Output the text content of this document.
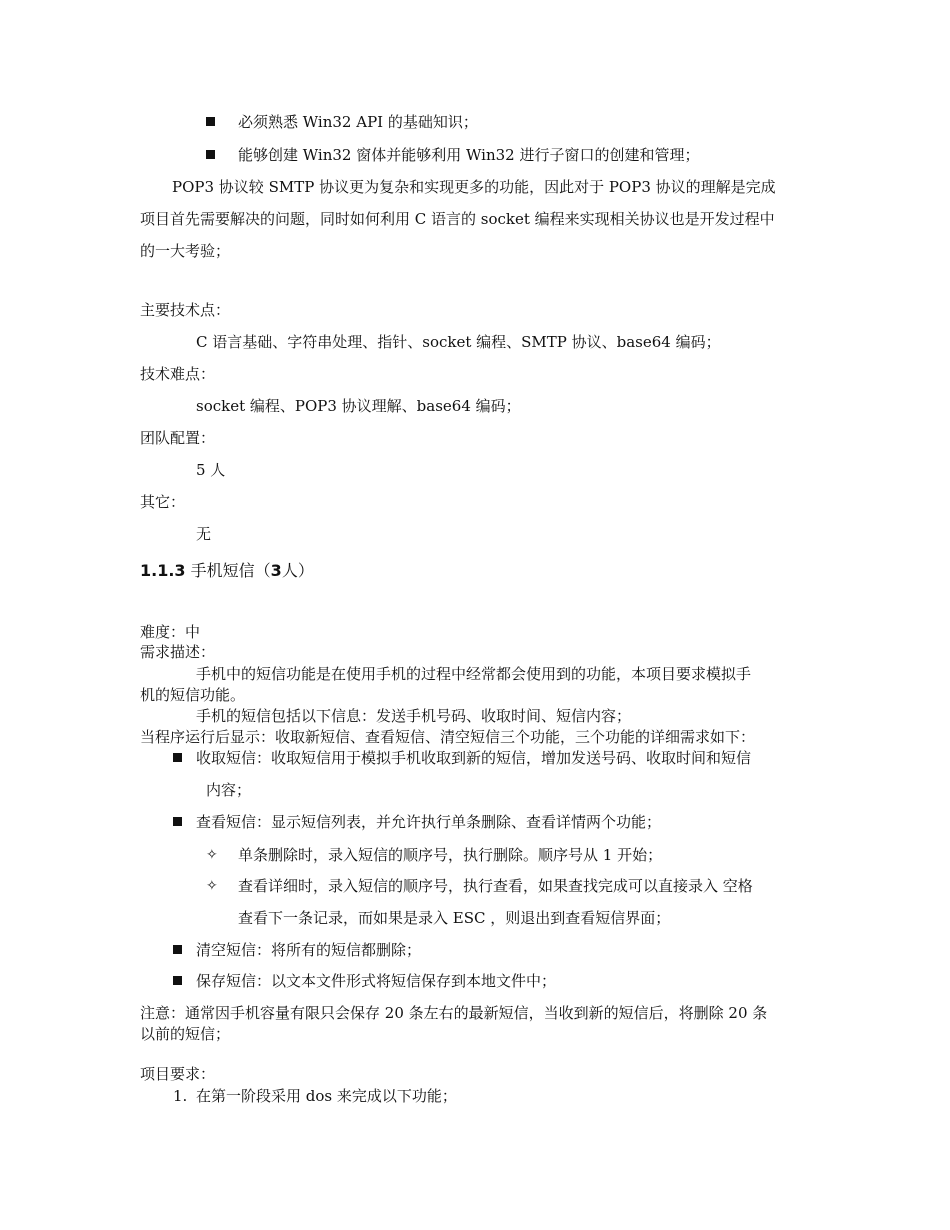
必须熟悉 Win32 API 的基础知识；
能够创建 Win32 窗体并能够利用 Win32 进行子窗口的创建和管理；
POP3 协议较 SMTP 协议更为复杂和实现更多的功能，因此对于 POP3 协议的理解是完成
项目首先需要解决的问题，同时如何利用 C 语言的 socket 编程来实现相关协议也是开发过程中
的一大考验；
主要技术点：
C 语言基础、字符串处理、指针、socket 编程、SMTP 协议、base64 编码；
技术难点：
socket 编程、POP3 协议理解、base64 编码；
团队配置：
5 人
其它：
无
1.1.3 手机短信（3人）
难度：中
需求描述：
手机中的短信功能是在使用手机的过程中经常都会使用到的功能，本项目要求模拟手
机的短信功能。
手机的短信包括以下信息：发送手机号码、收取时间、短信内容；
当程序运行后显示：收取新短信、查看短信、清空短信三个功能，三个功能的详细需求如下：
收取短信：收取短信用于模拟手机收取到新的短信，增加发送号码、收取时间和短信
内容；
查看短信：显示短信列表，并允许执行单条删除、查看详情两个功能；
✧ 单条删除时，录入短信的顺序号，执行删除。顺序号从 1 开始；
✧ 查看详细时，录入短信的顺序号，执行查看，如果查找完成可以直接录入 空格
查看下一条记录，而如果是录入 ESC ，则退出到查看短信界面；
清空短信：将所有的短信都删除；
保存短信：以文本文件形式将短信保存到本地文件中；
注意：通常因手机容量有限只会保存 20 条左右的最新短信，当收到新的短信后，将删除 20 条
以前的短信；
项目要求：
1. 在第一阶段采用 dos 来完成以下功能；
